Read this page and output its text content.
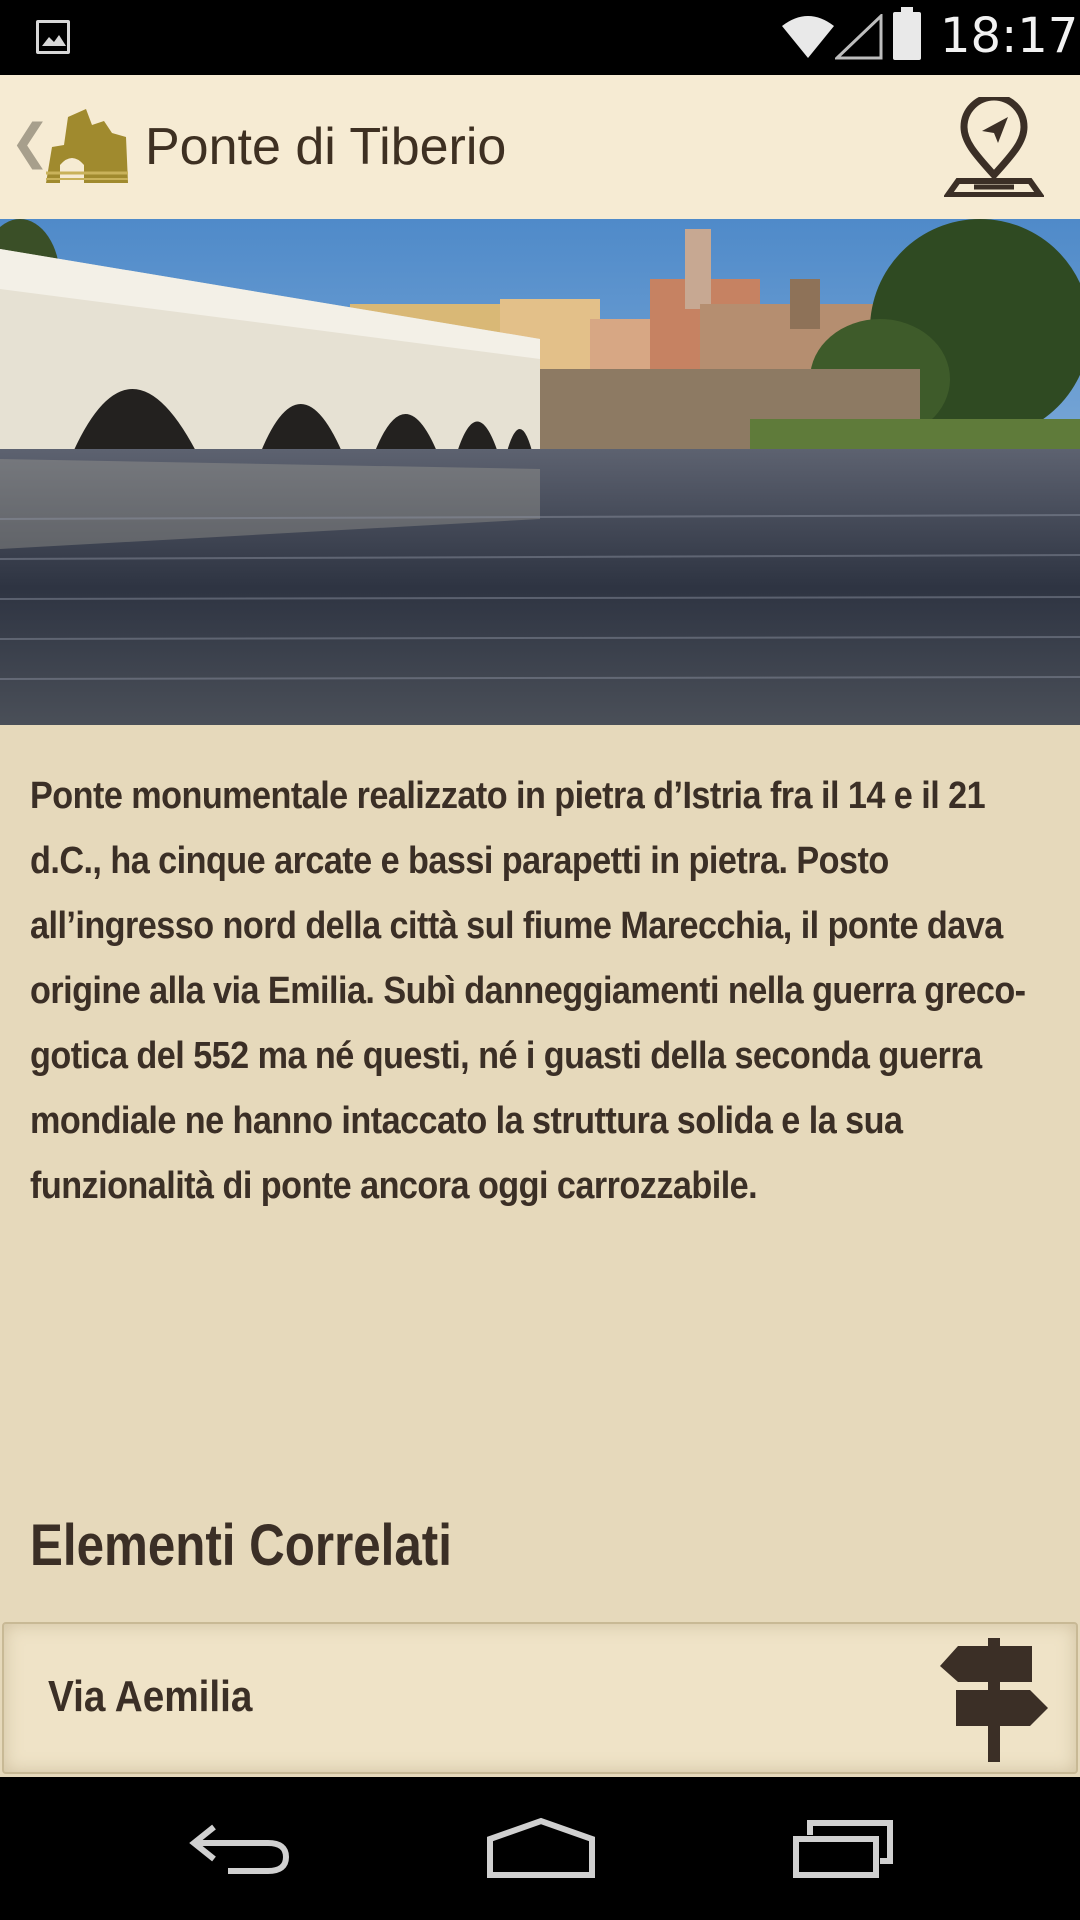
18:17
❮ Ponte di Tiberio

Ponte monumentale realizzato in pietra d’Istria fra il 14 e il 21 d.C., ha cinque arcate e bassi parapetti in pietra. Posto all’ingresso nord della città sul fiume Marecchia, il ponte dava origine alla via Emilia. Subì danneggiamenti nella guerra greco-gotica del 552 ma né questi, né i guasti della seconda guerra mondiale ne hanno intaccato la struttura solida e la sua funzionalità di ponte ancora oggi carrozzabile.

Elementi Correlati
Via Aemilia
